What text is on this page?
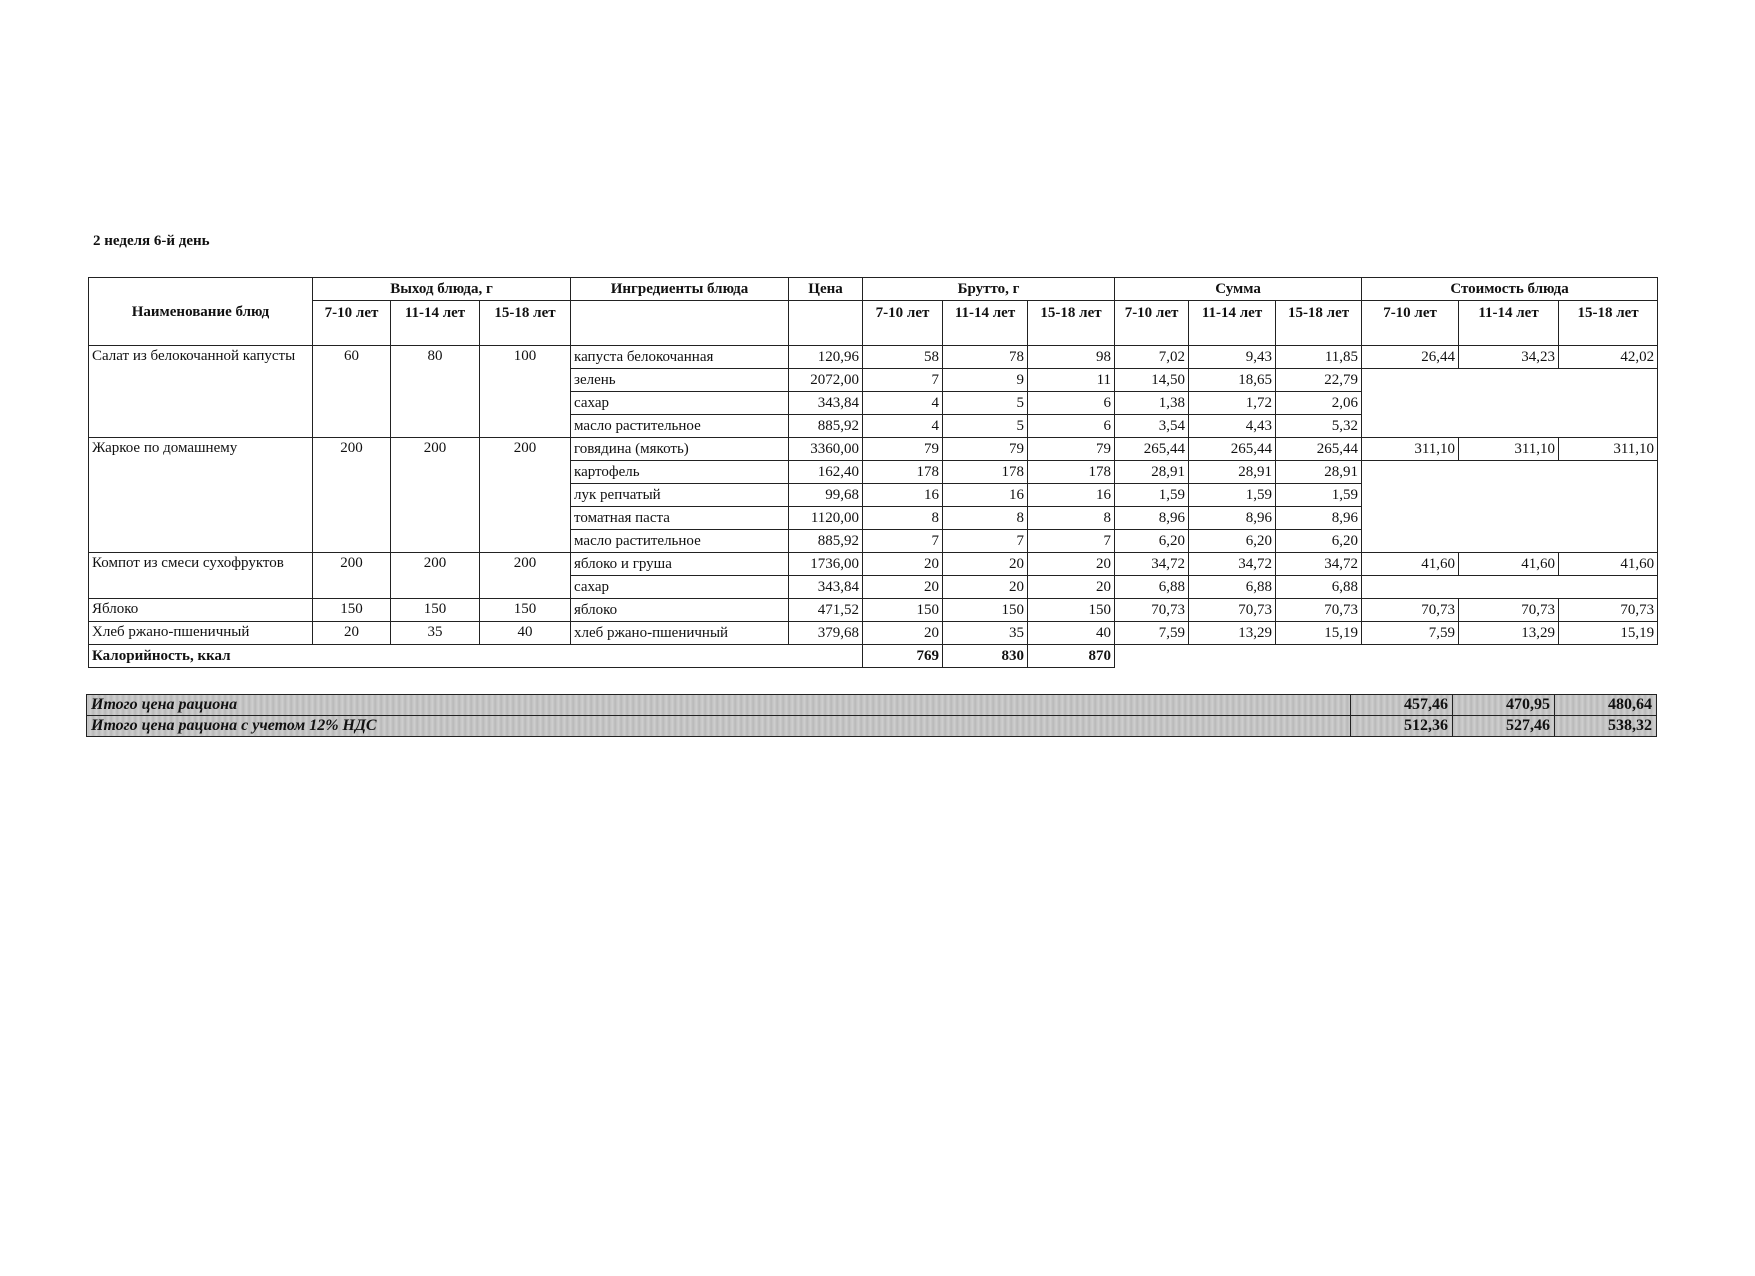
2 неделя 6-й день
Наименование блюд	Выход блюда, г			Ингредиенты блюда	Цена	Брутто, г			Сумма			Стоимость блюда		
	7-10 лет	11-14 лет	15-18 лет			7-10 лет	11-14 лет	15-18 лет	7-10 лет	11-14 лет	15-18 лет	7-10 лет	11-14 лет	15-18 лет
Салат из белокочанной капусты	60	80	100	капуста белокочанная	120,96	58	78	98	7,02	9,43	11,85	26,44	34,23	42,02
				зелень	2072,00	7	9	11	14,50	18,65	22,79			
				сахар	343,84	4	5	6	1,38	1,72	2,06			
				масло растительное	885,92	4	5	6	3,54	4,43	5,32			
Жаркое по домашнему	200	200	200	говядина (мякоть)	3360,00	79	79	79	265,44	265,44	265,44	311,10	311,10	311,10
				картофель	162,40	178	178	178	28,91	28,91	28,91			
				лук репчатый	99,68	16	16	16	1,59	1,59	1,59			
				томатная паста	1120,00	8	8	8	8,96	8,96	8,96			
				масло растительное	885,92	7	7	7	6,20	6,20	6,20			
Компот из смеси сухофруктов	200	200	200	яблоко и груша	1736,00	20	20	20	34,72	34,72	34,72	41,60	41,60	41,60
				сахар	343,84	20	20	20	6,88	6,88	6,88			
Яблоко	150	150	150	яблоко	471,52	150	150	150	70,73	70,73	70,73	70,73	70,73	70,73
Хлеб ржано-пшеничный	20	35	40	хлеб ржано-пшеничный	379,68	20	35	40	7,59	13,29	15,19	7,59	13,29	15,19
Калорийность, ккал						769	830	870						
Итого цена рациона	457,46	470,95	480,64
Итого цена рациона с учетом 12% НДС	512,36	527,46	538,32
